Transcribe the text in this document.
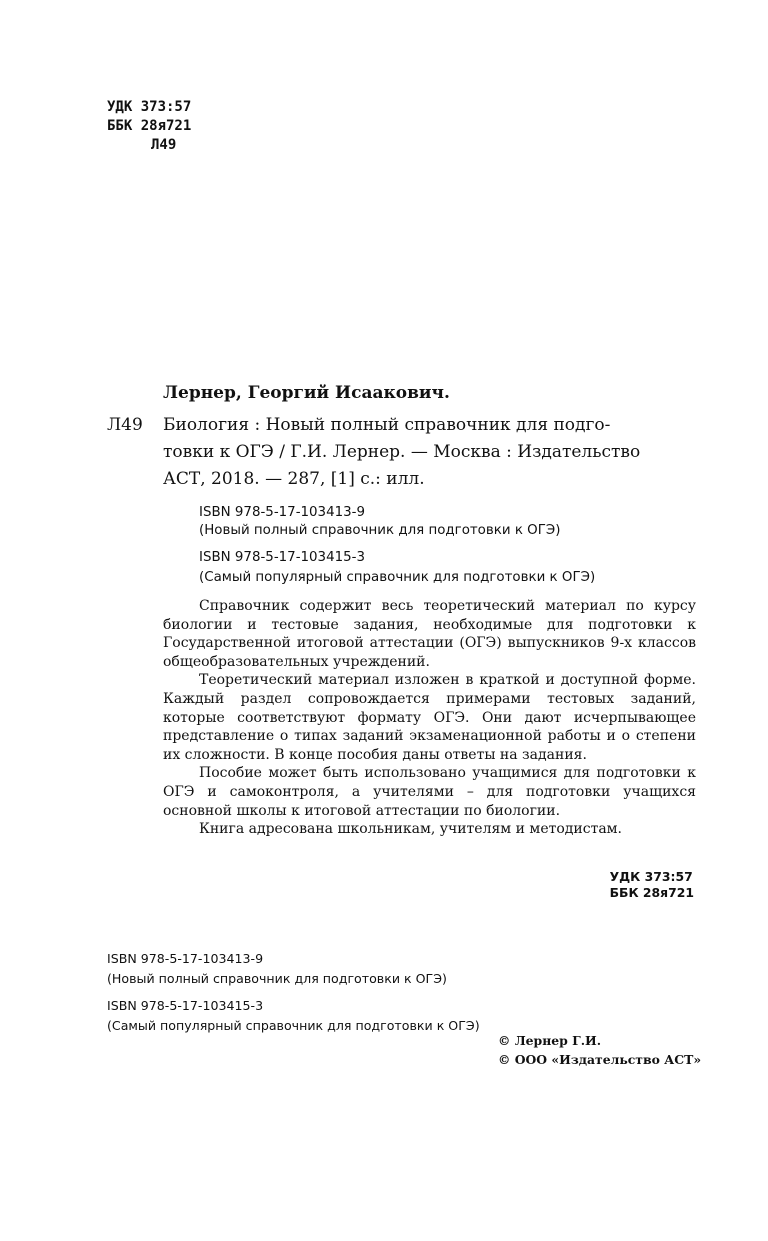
УДК 373:57
ББК 28я721
Л49
Лернер, Георгий Исаакович.
Л49 Биология : Новый полный справочник для подго-
товки к ОГЭ / Г.И. Лернер. — Москва : Издательство
АСТ, 2018. — 287, [1] с.: илл.
ISBN 978-5-17-103413-9
(Новый полный справочник для подготовки к ОГЭ)
ISBN 978-5-17-103415-3
(Самый популярный справочник для подготовки к ОГЭ)

Справочник содержит весь теоретический материал по курсу биологии и тестовые задания, необходимые для подготовки к Государственной итоговой аттестации (ОГЭ) выпускников 9-х классов общеобразовательных учреждений.

Теоретический материал изложен в краткой и доступной форме. Каждый раздел сопровождается примерами тестовых заданий, которые соответствуют формату ОГЭ. Они дают исчерпывающее представление о типах заданий экзаменационной работы и о степени их сложности. В конце пособия даны ответы на задания.

Пособие может быть использовано учащимися для подготовки к ОГЭ и самоконтроля, а учителями – для подготовки учащихся основной школы к итоговой аттестации по биологии.

Книга адресована школьникам, учителям и методистам.

УДК 373:57
ББК 28я721
ISBN 978-5-17-103413-9
(Новый полный справочник для подготовки к ОГЭ)
ISBN 978-5-17-103415-3
(Самый популярный справочник для подготовки к ОГЭ)
© Лернер Г.И.
© ООО «Издательство АСТ»
